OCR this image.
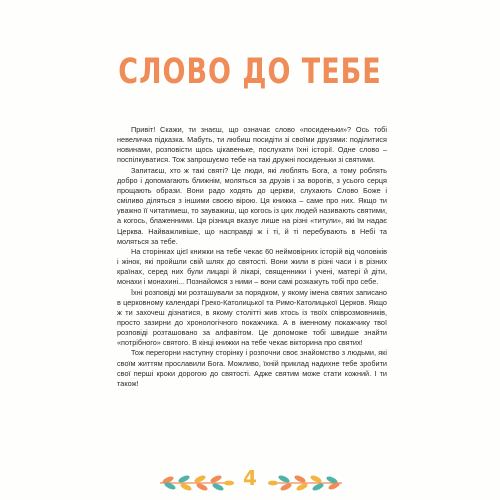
СЛОВО ДО ТЕБЕ

Привіт! Скажи, ти знаєш, що означає слово «посиденьки»? Ось тобі невеличка підказка. Мабуть, ти любиш посидіти зі своїми друзями: поділитися новинами, розповісти щось цікавеньке, послухати їхні історії. Одне слово – поспілкуватися. Тож запрошуємо тебе на такі дружні посиденьки зі святими.

Запитаєш, хто ж такі святі? Це люди, які люблять Бога, а тому роблять добро і допомагають ближнім, моляться за друзів і за ворогів, з усього серця прощають образи. Вони радо ходять до церкви, слухають Слово Боже і сміливо діляться з іншими своєю вірою. Ця книжка – саме про них. Якщо ти уважно її читатимеш, то зауважиш, що когось із цих людей називають святими, а когось, блаженними. Ця різниця вказує лише на різні «титули», які їм надає Церква. Найважливіше, що насправді ж і ті, й ті перебувають в Небі та моляться за тебе.

На сторінках цієї книжки на тебе чекає 60 неймовірних історій від чоловіків і жінок, які пройшли свій шлях до святості. Вони жили в різні часи і в різних країнах, серед них були лицарі й лікарі, священники і учені, матері й діти, монахи і монахині... Познайомся з ними – вони самі розкажуть тобі про себе.

Їхні розповіді ми розташували за порядком, у якому імена святих записано в церковному календарі Греко-Католицької та Римо-Католицької Церков. Якщо ж ти захочеш дізнатися, в якому столітті жив хтось із твоїх співрозмовників, просто зазирни до хронологічного покажчика. А в іменному покажчику твої розповіді розташовано за алфавітом. Це допоможе тобі швидше знайти «потрібного» святого. В кінці книжки на тебе чекає вікторина про святих!

Тож перегорни наступну сторінку і розпочни своє знайомство з людьми, які своїм життям прославили Бога. Можливо, їхній приклад надихне тебе зробити свої перші кроки дорогою до святості. Адже святим може стати кожний. І ти також!

4
